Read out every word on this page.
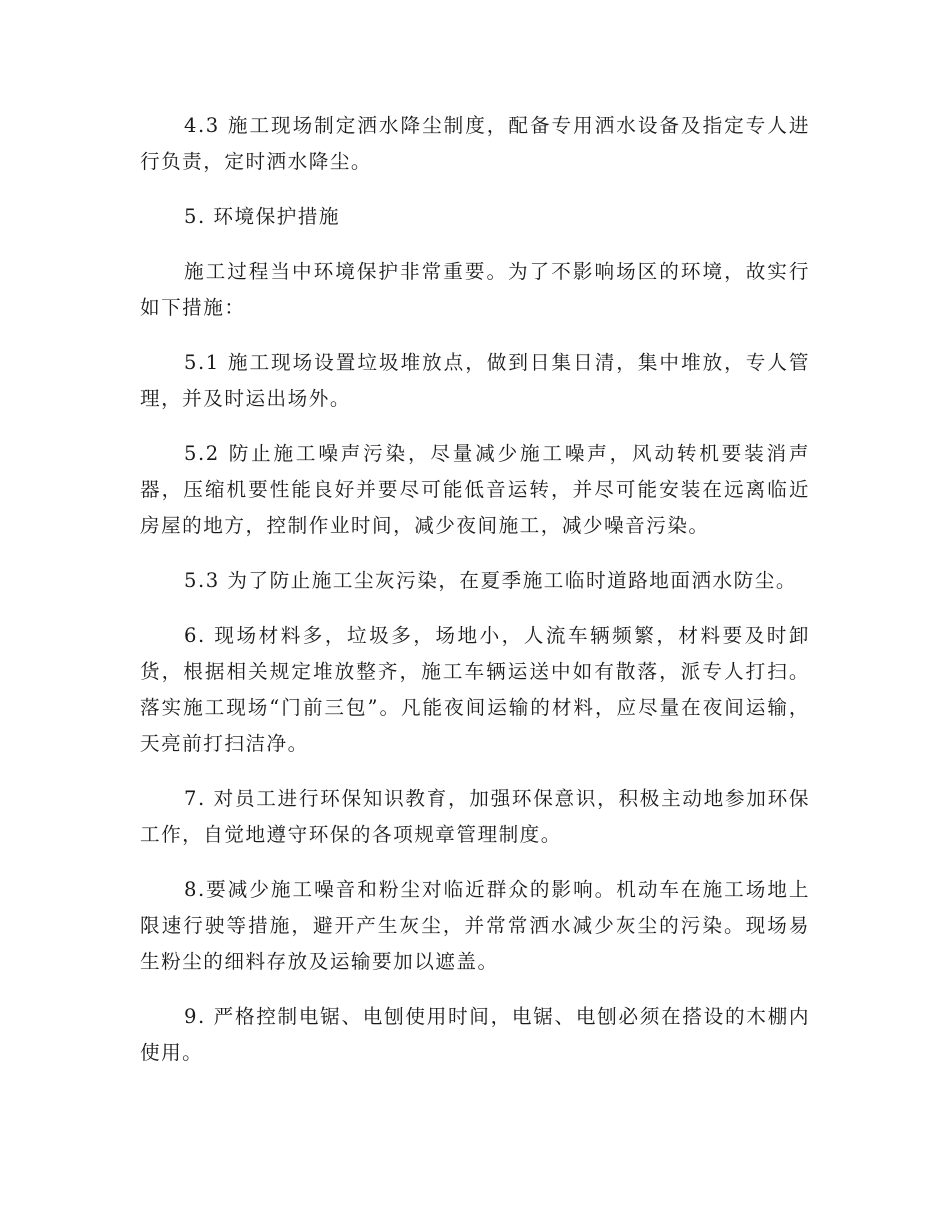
4.3 施工现场制定洒水降尘制度，配备专用洒水设备及指定专人进行负责，定时洒水降尘。

5. 环境保护措施

施工过程当中环境保护非常重要。为了不影响场区的环境，故实行如下措施：

5.1 施工现场设置垃圾堆放点，做到日集日清，集中堆放，专人管理，并及时运出场外。

5.2 防止施工噪声污染，尽量减少施工噪声，风动转机要装消声器，压缩机要性能良好并要尽可能低音运转，并尽可能安装在远离临近房屋的地方，控制作业时间，减少夜间施工，减少噪音污染。

5.3 为了防止施工尘灰污染，在夏季施工临时道路地面洒水防尘。

6. 现场材料多，垃圾多，场地小，人流车辆频繁，材料要及时卸货，根据相关规定堆放整齐，施工车辆运送中如有散落，派专人打扫。落实施工现场“门前三包”。凡能夜间运输的材料，应尽量在夜间运输，天亮前打扫洁净。

7. 对员工进行环保知识教育，加强环保意识，积极主动地参加环保工作，自觉地遵守环保的各项规章管理制度。

8.要减少施工噪音和粉尘对临近群众的影响。机动车在施工场地上限速行驶等措施，避开产生灰尘，并常常洒水减少灰尘的污染。现场易生粉尘的细料存放及运输要加以遮盖。

9. 严格控制电锯、电刨使用时间，电锯、电刨必须在搭设的木棚内使用。
